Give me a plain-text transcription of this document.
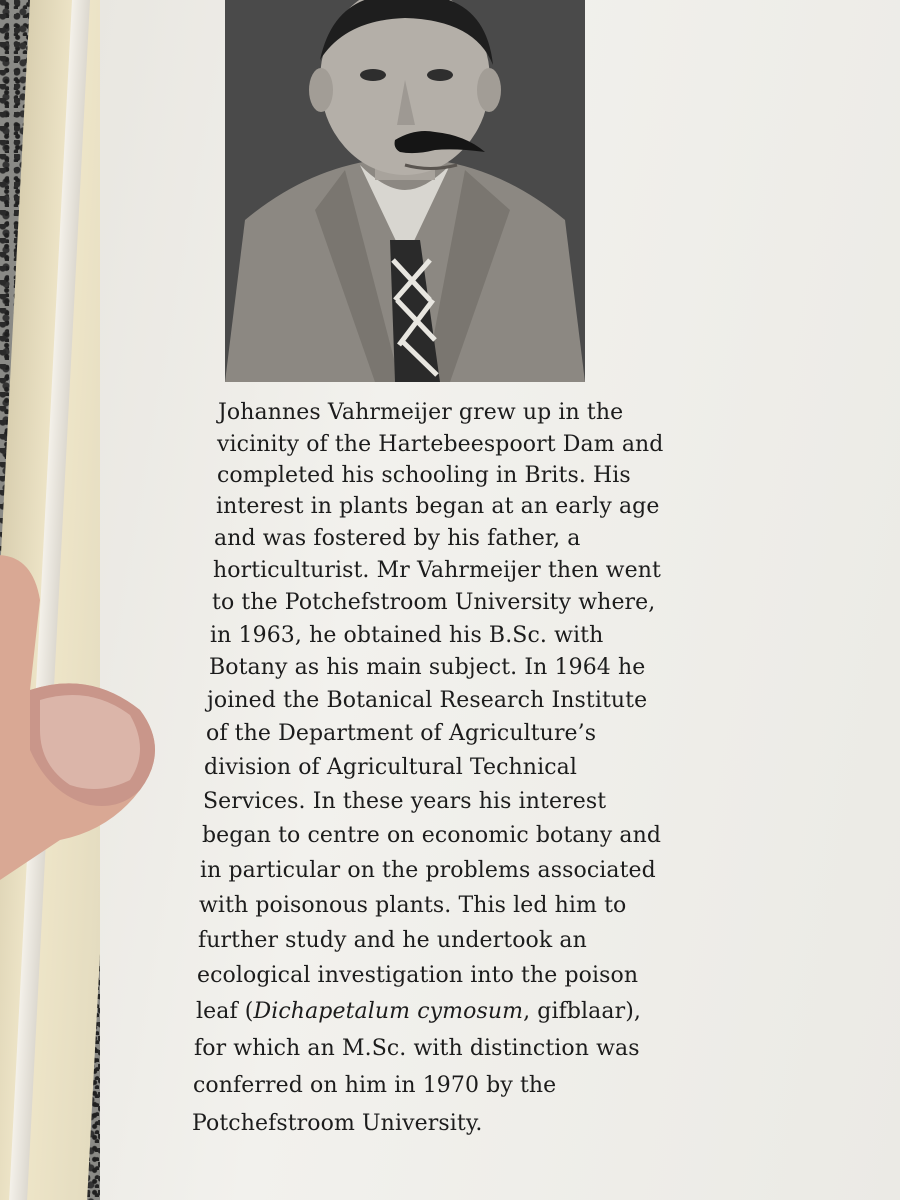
Johannes Vahrmeijer grew up in the
vicinity of the Hartebeespoort Dam and
completed his schooling in Brits. His
interest in plants began at an early age
and was fostered by his father, a
horticulturist. Mr Vahrmeijer then went
to the Potchefstroom University where,
in 1963, he obtained his B.Sc. with
Botany as his main subject. In 1964 he
joined the Botanical Research Institute
of the Department of Agriculture’s
division of Agricultural Technical
Services. In these years his interest
began to centre on economic botany and
in particular on the problems associated
with poisonous plants. This led him to
further study and he undertook an
ecological investigation into the poison
leaf (Dichapetalum cymosum, gifblaar),
for which an M.Sc. with distinction was
conferred on him in 1970 by the
Potchefstroom University.
